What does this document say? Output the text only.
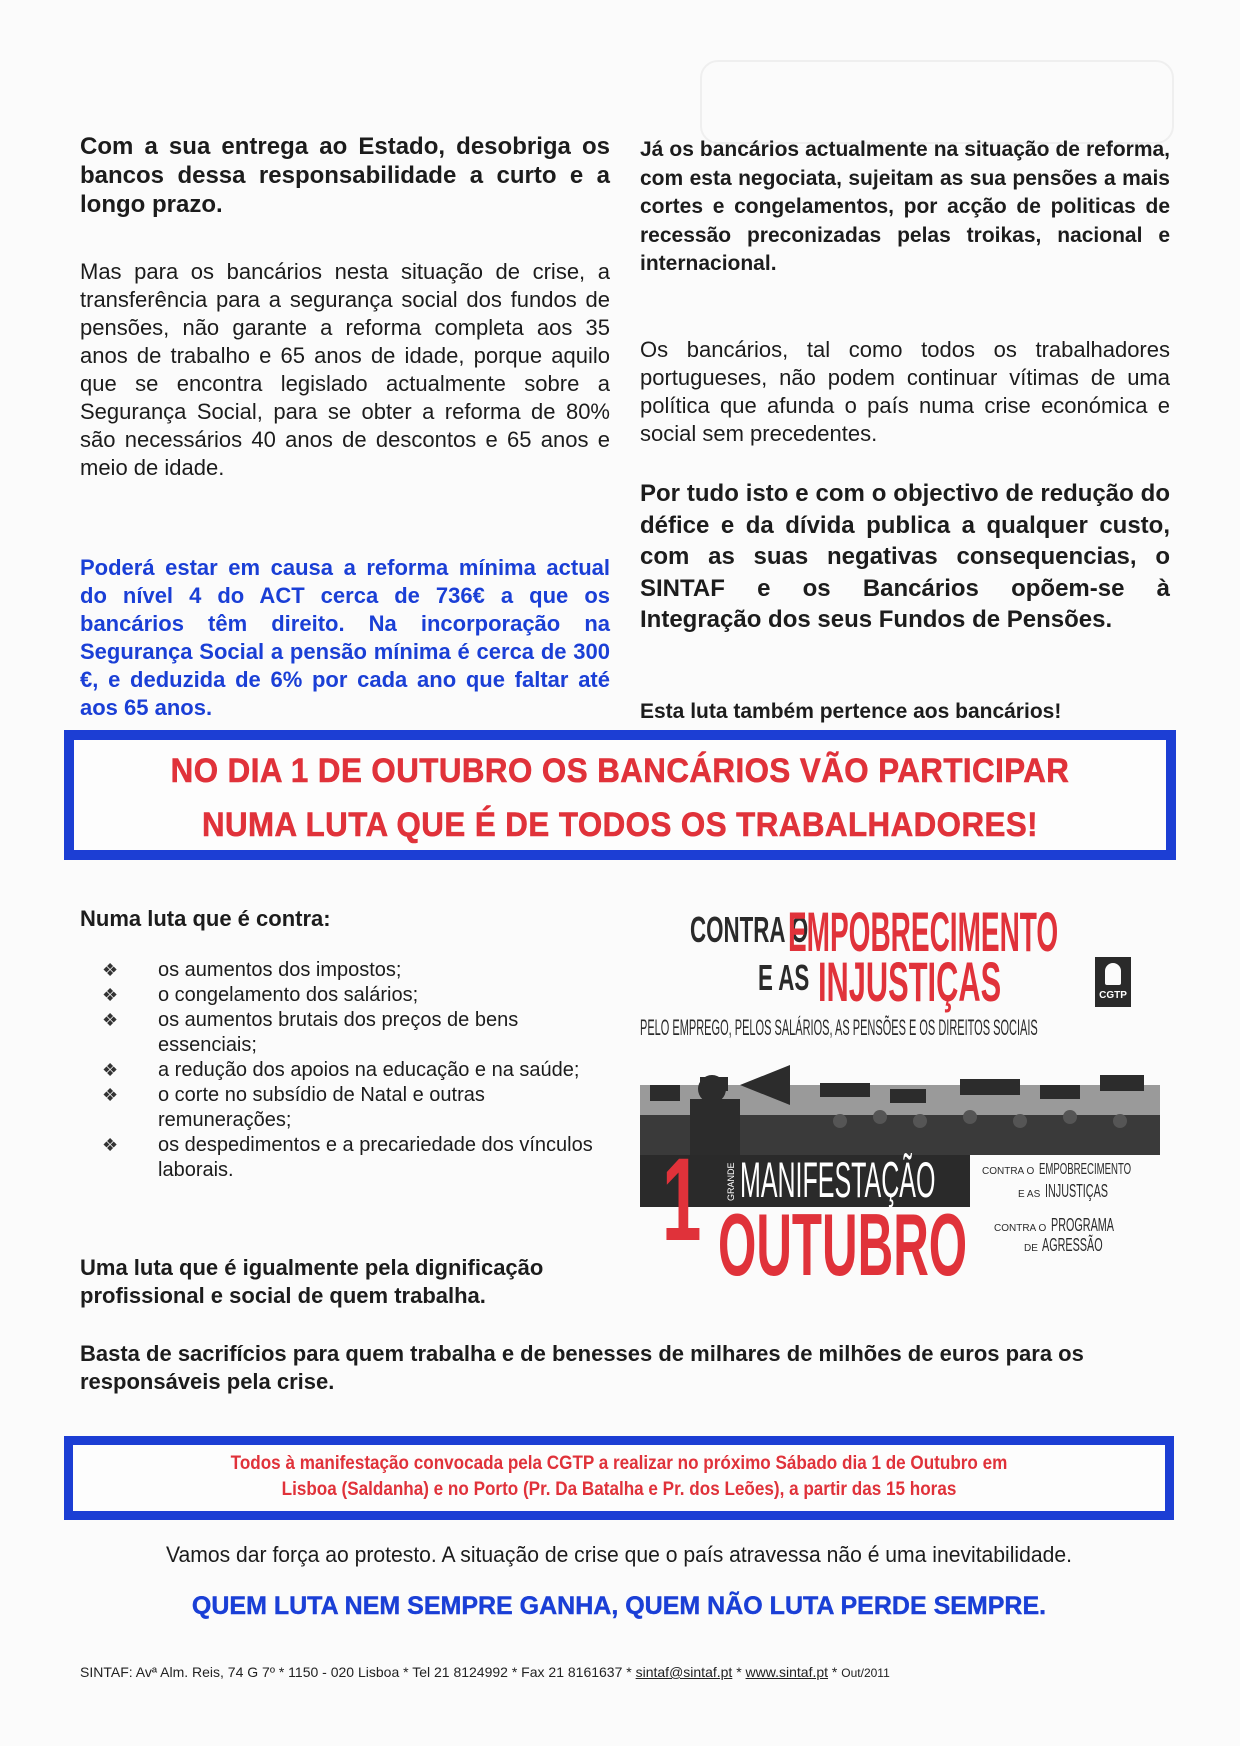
Com a sua entrega ao Estado, desobriga os bancos dessa responsabilidade a curto e a longo prazo.
Mas para os bancários nesta situação de crise, a transferência para a segurança social dos fundos de pensões, não garante a reforma completa aos 35 anos de trabalho e 65 anos de idade, porque aquilo que se encontra legislado actualmente sobre a Segurança Social, para se obter a reforma de 80% são necessários 40 anos de descontos e 65 anos e meio de idade.
Poderá estar em causa a reforma mínima actual do nível 4 do ACT cerca de 736€ a que os bancários têm direito. Na incorporação na Segurança Social a pensão mínima é cerca de 300 €, e deduzida de 6% por cada ano que faltar até aos 65 anos.
Já os bancários actualmente na situação de reforma, com esta negociata, sujeitam as sua pensões a mais cortes e congelamentos, por acção de politicas de recessão preconizadas pelas troikas, nacional e internacional.
Os bancários, tal como todos os trabalhadores portugueses, não podem continuar vítimas de uma política que afunda o país numa crise económica e social sem precedentes.
Por tudo isto e com o objectivo de redução do défice e da dívida publica a qualquer custo, com as suas negativas consequencias, o SINTAF e os Bancários opõem-se à Integração dos seus Fundos de Pensões.
Esta luta também pertence aos bancários!
NO DIA 1 DE OUTUBRO OS BANCÁRIOS VÃO PARTICIPAR
NUMA LUTA QUE É DE TODOS OS TRABALHADORES!
Numa luta que é contra:
❖ os aumentos dos impostos;
❖ o congelamento dos salários;
❖ os aumentos brutais dos preços de bens essenciais;
❖ a redução dos apoios na educação e na saúde;
❖ o corte no subsídio de Natal e outras remunerações;
❖ os despedimentos e a precariedade dos vínculos laborais.
Uma luta que é igualmente pela dignificação profissional e social de quem trabalha.
CONTRA O
EMPOBRECIMENTO
E AS INJUSTIÇAS	CGTP
PELO EMPREGO, PELOS SALÁRIOS, AS PENSÕES E OS DIREITOS SOCIAIS
GRANDE MANIFESTAÇÃO
1 OUTUBRO
CONTRA O EMPOBRECIMENTO
E AS INJUSTIÇAS
CONTRA O PROGRAMA
DE AGRESSÃO
Basta de sacrifícios para quem trabalha e de benesses de milhares de milhões de euros para os responsáveis pela crise.
Todos à manifestação convocada pela CGTP a realizar no próximo Sábado dia 1 de Outubro em
Lisboa (Saldanha) e no Porto (Pr. Da Batalha e Pr. dos Leões), a partir das 15 horas
Vamos dar força ao protesto. A situação de crise que o país atravessa não é uma inevitabilidade.
QUEM LUTA NEM SEMPRE GANHA, QUEM NÃO LUTA PERDE SEMPRE.
SINTAF: Avª Alm. Reis, 74 G 7º * 1150 - 020 Lisboa * Tel 21 8124992 * Fax 21 8161637 * sintaf@sintaf.pt * www.sintaf.pt * Out/2011
